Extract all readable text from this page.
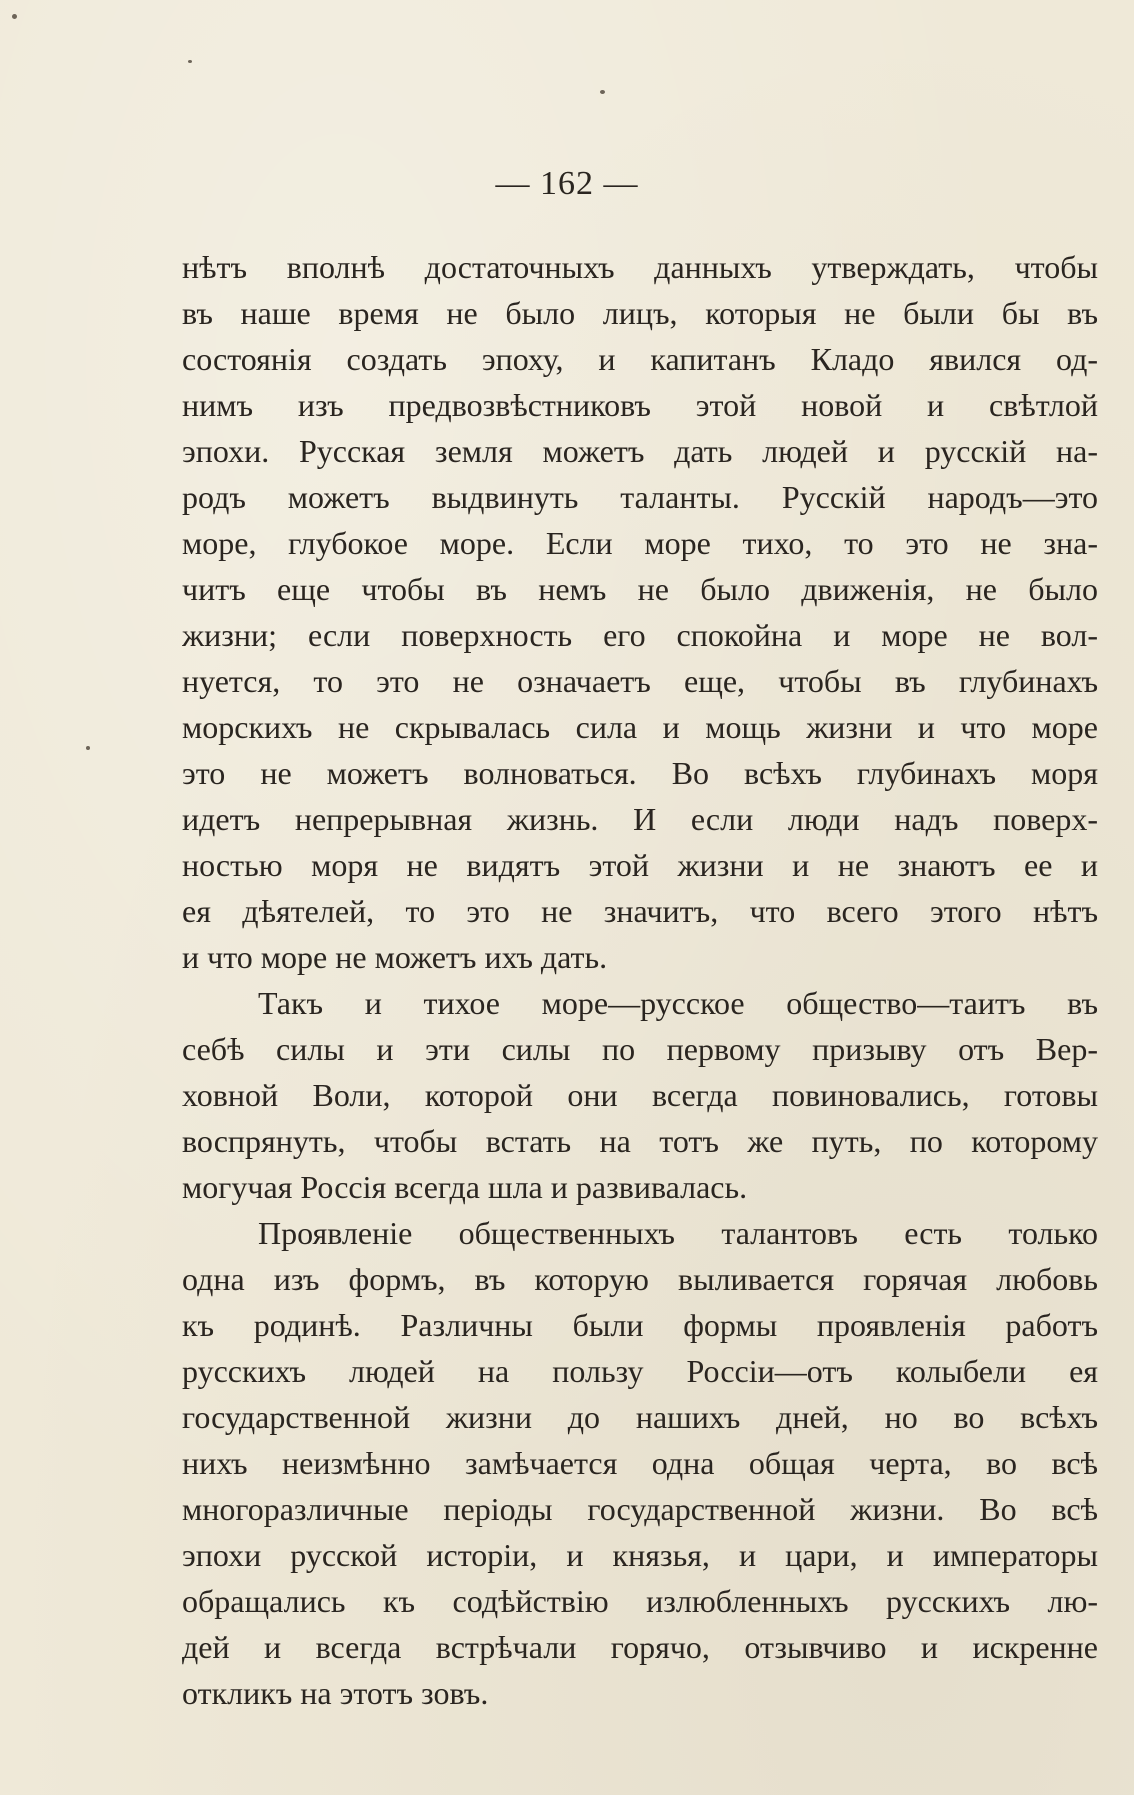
— 162 —
нѣтъ вполнѣ достаточныхъ данныхъ утверждать, чтобы
въ наше время не было лицъ, которыя не были бы въ
состоянія создать эпоху, и капитанъ Кладо явился од-
нимъ изъ предвозвѣстниковъ этой новой и свѣтлой
эпохи. Русская земля можетъ дать людей и русскій на-
родъ можетъ выдвинуть таланты. Русскій народъ—это
море, глубокое море. Если море тихо, то это не зна-
читъ еще чтобы въ немъ не было движенія, не было
жизни; если поверхность его спокойна и море не вол-
нуется, то это не означаетъ еще, чтобы въ глубинахъ
морскихъ не скрывалась сила и мощь жизни и что море
это не можетъ волноваться. Во всѣхъ глубинахъ моря
идетъ непрерывная жизнь. И если люди надъ поверх-
ностью моря не видятъ этой жизни и не знаютъ ее и
ея дѣятелей, то это не значитъ, что всего этого нѣтъ
и что море не можетъ ихъ дать.
Такъ и тихое море—русское общество—таитъ въ
себѣ силы и эти силы по первому призыву отъ Вер-
ховной Воли, которой они всегда повиновались, готовы
воспрянуть, чтобы встать на тотъ же путь, по которому
могучая Россія всегда шла и развивалась.
Проявленіе общественныхъ талантовъ есть только
одна изъ формъ, въ которую выливается горячая любовь
къ родинѣ. Различны были формы проявленія работъ
русскихъ людей на пользу Россіи—отъ колыбели ея
государственной жизни до нашихъ дней, но во всѣхъ
нихъ неизмѣнно замѣчается одна общая черта, во всѣ
многоразличные періоды государственной жизни. Во всѣ
эпохи русской исторіи, и князья, и цари, и императоры
обращались къ содѣйствію излюбленныхъ русскихъ лю-
дей и всегда встрѣчали горячо, отзывчиво и искренне
откликъ на этотъ зовъ.
